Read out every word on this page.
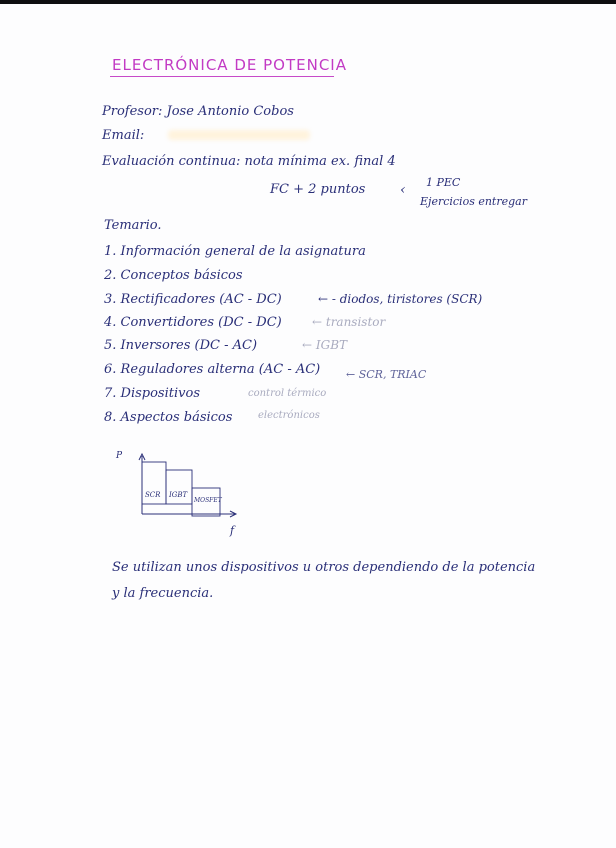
ELECTRÓNICA DE POTENCIA
Profesor: Jose Antonio Cobos
Email:
Evaluación continua: nota mínima ex. final 4
FC + 2 puntos ‹ 1 PEC
Ejercicios entregar
Temario.
1. Información general de la asignatura
2. Conceptos básicos
3. Rectificadores (AC - DC)	← - diodos, tiristores (SCR)
4. Convertidores (DC - DC)	← transistor
5. Inversores (DC - AC)	← IGBT
6. Reguladores alterna (AC - AC) ← SCR, TRIAC
7. Dispositivos	control térmico
8. Aspectos básicos	electrónicos
P
f
SCR IGBT
MOSFET
Se utilizan unos dispositivos u otros dependiendo de la potencia
y la frecuencia.
